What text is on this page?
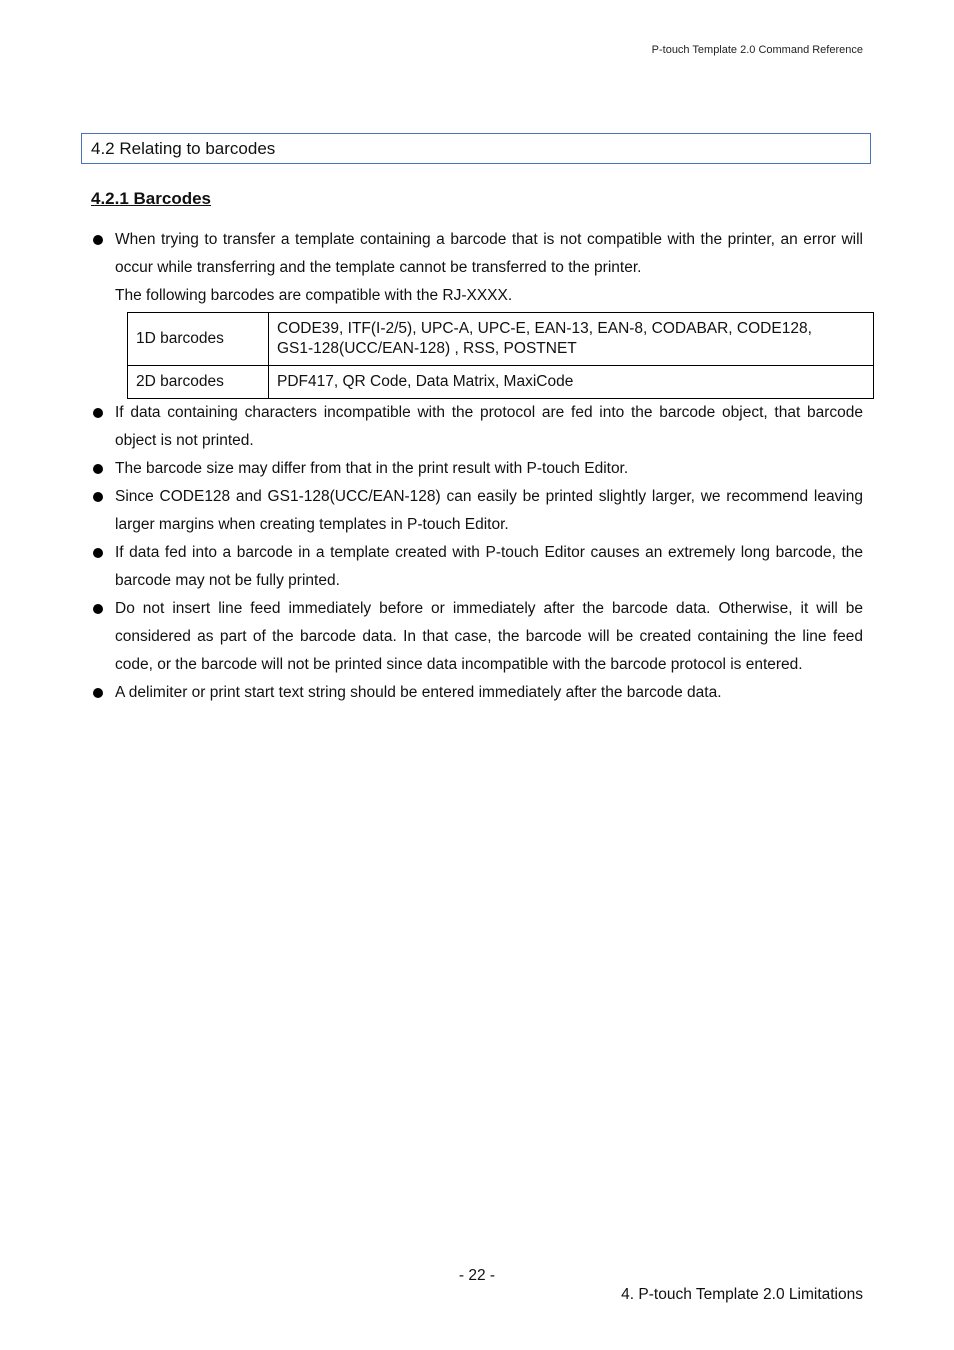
P-touch Template 2.0 Command Reference
4.2 Relating to barcodes
4.2.1 Barcodes
When trying to transfer a template containing a barcode that is not compatible with the printer, an error will occur while transferring and the template cannot be transferred to the printer.
The following barcodes are compatible with the RJ-XXXX.
1D barcodes	CODE39, ITF(I-2/5), UPC-A, UPC-E, EAN-13, EAN-8, CODABAR, CODE128,
GS1-128(UCC/EAN-128) , RSS, POSTNET

2D barcodes	PDF417, QR Code, Data Matrix, MaxiCode
If data containing characters incompatible with the protocol are fed into the barcode object, that barcode object is not printed.
The barcode size may differ from that in the print result with P-touch Editor.
Since CODE128 and GS1-128(UCC/EAN-128) can easily be printed slightly larger, we recommend leaving larger margins when creating templates in P-touch Editor.
If data fed into a barcode in a template created with P-touch Editor causes an extremely long barcode, the barcode may not be fully printed.
Do not insert line feed immediately before or immediately after the barcode data. Otherwise, it will be considered as part of the barcode data. In that case, the barcode will be created containing the line feed code, or the barcode will not be printed since data incompatible with the barcode protocol is entered.
A delimiter or print start text string should be entered immediately after the barcode data.
- 22 -
4. P-touch Template 2.0 Limitations
